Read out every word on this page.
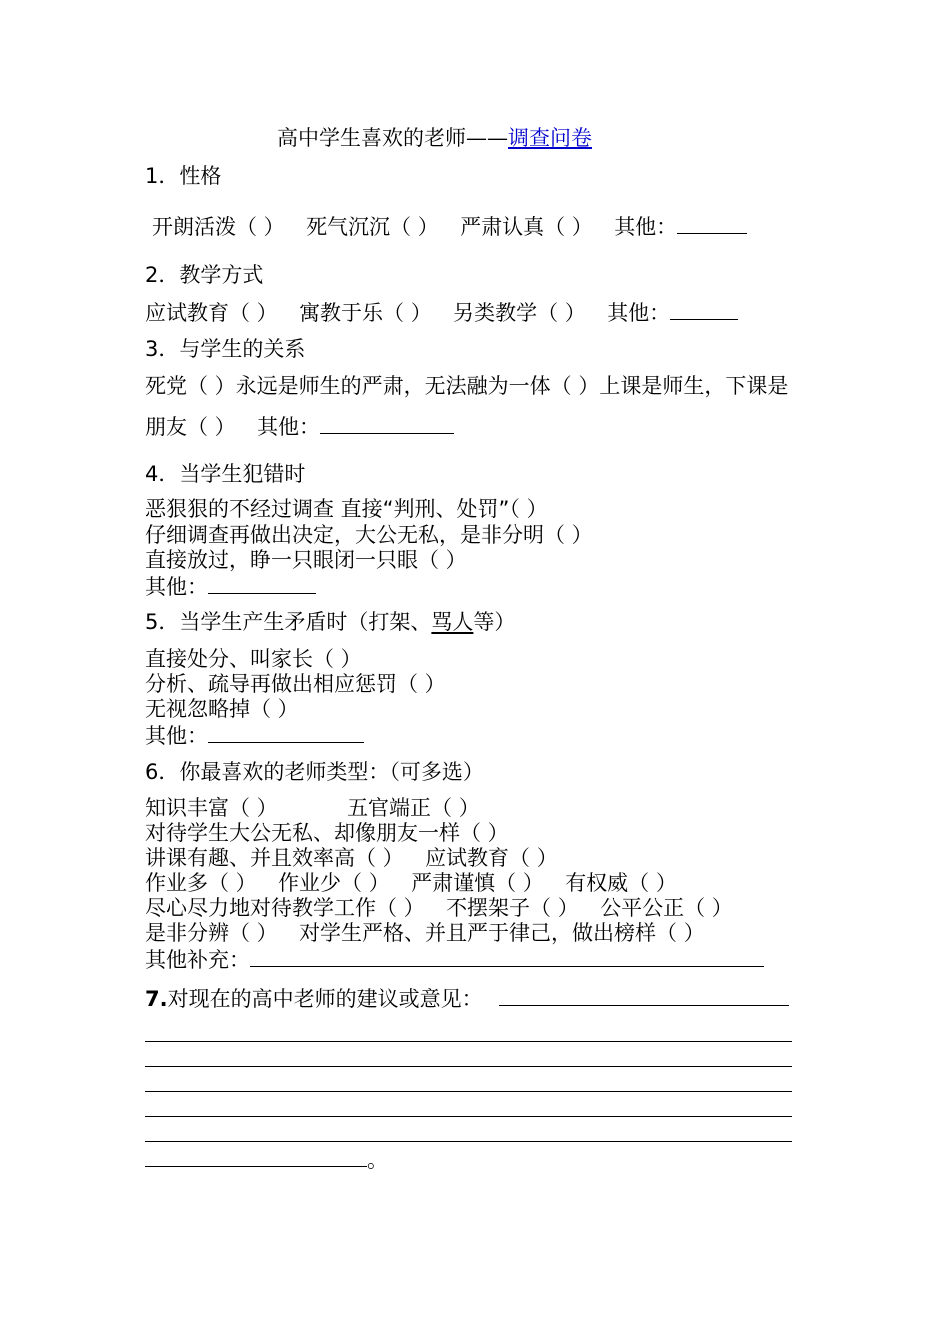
高中学生喜欢的老师——调查问卷
1．性格
开朗活泼（ ） 死气沉沉（ ） 严肃认真（ ） 其他：
2．教学方式
应试教育（ ） 寓教于乐（ ） 另类教学（ ） 其他：
3．与学生的关系
死党（ ）永远是师生的严肃，无法融为一体（ ）上课是师生，下课是
朋友（ ） 其他：
4．当学生犯错时
恶狠狠的不经过调查 直接“判刑、处罚”（ ）
仔细调查再做出决定，大公无私，是非分明（ ）
直接放过，睁一只眼闭一只眼（ ）
其他：
5．当学生产生矛盾时（打架、骂人等）
直接处分、叫家长（ ）
分析、疏导再做出相应惩罚（ ）
无视忽略掉（ ）
其他：
6．你最喜欢的老师类型：（可多选）
知识丰富（ ）	五官端正（ ）
对待学生大公无私、却像朋友一样（ ）
讲课有趣、并且效率高（ ） 应试教育（ ）
作业多（ ） 作业少（ ） 严肃谨慎（ ） 有权威（ ）
尽心尽力地对待教学工作（ ） 不摆架子（ ） 公平公正（ ）
是非分辨（ ） 对学生严格、并且严于律己，做出榜样（ ）
其他补充：
7.对现在的高中老师的建议或意见：
。
